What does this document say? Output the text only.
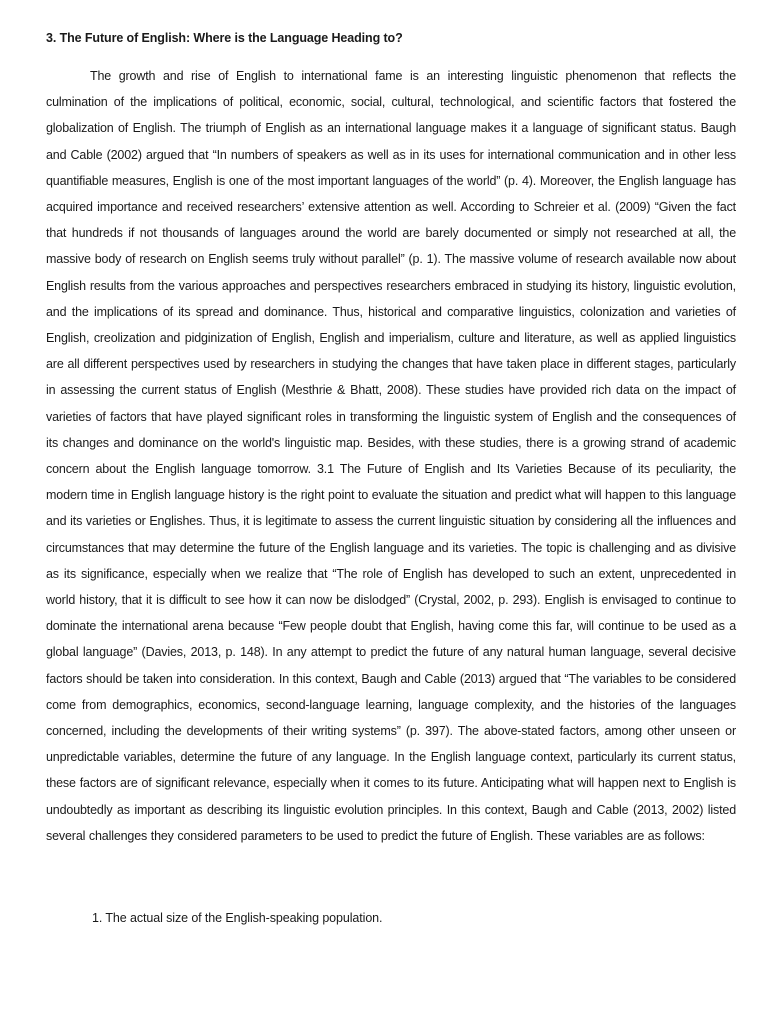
3. The Future of English: Where is the Language Heading to?

The growth and rise of English to international fame is an interesting linguistic phenomenon that reflects the culmination of the implications of political, economic, social, cultural, technological, and scientific factors that fostered the globalization of English. The triumph of English as an international language makes it a language of significant status. Baugh and Cable (2002) argued that “In numbers of speakers as well as in its uses for international communication and in other less quantifiable measures, English is one of the most important languages of the world” (p. 4). Moreover, the English language has acquired importance and received researchers’ extensive attention as well. According to Schreier et al. (2009) “Given the fact that hundreds if not thousands of languages around the world are barely documented or simply not researched at all, the massive body of research on English seems truly without parallel” (p. 1). The massive volume of research available now about English results from the various approaches and perspectives researchers embraced in studying its history, linguistic evolution, and the implications of its spread and dominance. Thus, historical and comparative linguistics, colonization and varieties of English, creolization and pidginization of English, English and imperialism, culture and literature, as well as applied linguistics are all different perspectives used by researchers in studying the changes that have taken place in different stages, particularly in assessing the current status of English (Mesthrie & Bhatt, 2008). These studies have provided rich data on the impact of varieties of factors that have played significant roles in transforming the linguistic system of English and the consequences of its changes and dominance on the world's linguistic map. Besides, with these studies, there is a growing strand of academic concern about the English language tomorrow. 3.1 The Future of English and Its Varieties Because of its peculiarity, the modern time in English language history is the right point to evaluate the situation and predict what will happen to this language and its varieties or Englishes. Thus, it is legitimate to assess the current linguistic situation by considering all the influences and circumstances that may determine the future of the English language and its varieties. The topic is challenging and as divisive as its significance, especially when we realize that “The role of English has developed to such an extent, unprecedented in world history, that it is difficult to see how it can now be dislodged” (Crystal, 2002, p. 293). English is envisaged to continue to dominate the international arena because “Few people doubt that English, having come this far, will continue to be used as a global language” (Davies, 2013, p. 148). In any attempt to predict the future of any natural human language, several decisive factors should be taken into consideration. In this context, Baugh and Cable (2013) argued that “The variables to be considered come from demographics, economics, second-language learning, language complexity, and the histories of the languages concerned, including the developments of their writing systems” (p. 397). The above-stated factors, among other unseen or unpredictable variables, determine the future of any language. In the English language context, particularly its current status, these factors are of significant relevance, especially when it comes to its future. Anticipating what will happen next to English is undoubtedly as important as describing its linguistic evolution principles. In this context, Baugh and Cable (2013, 2002) listed several challenges they considered parameters to be used to predict the future of English. These variables are as follows:

1. The actual size of the English-speaking population.
